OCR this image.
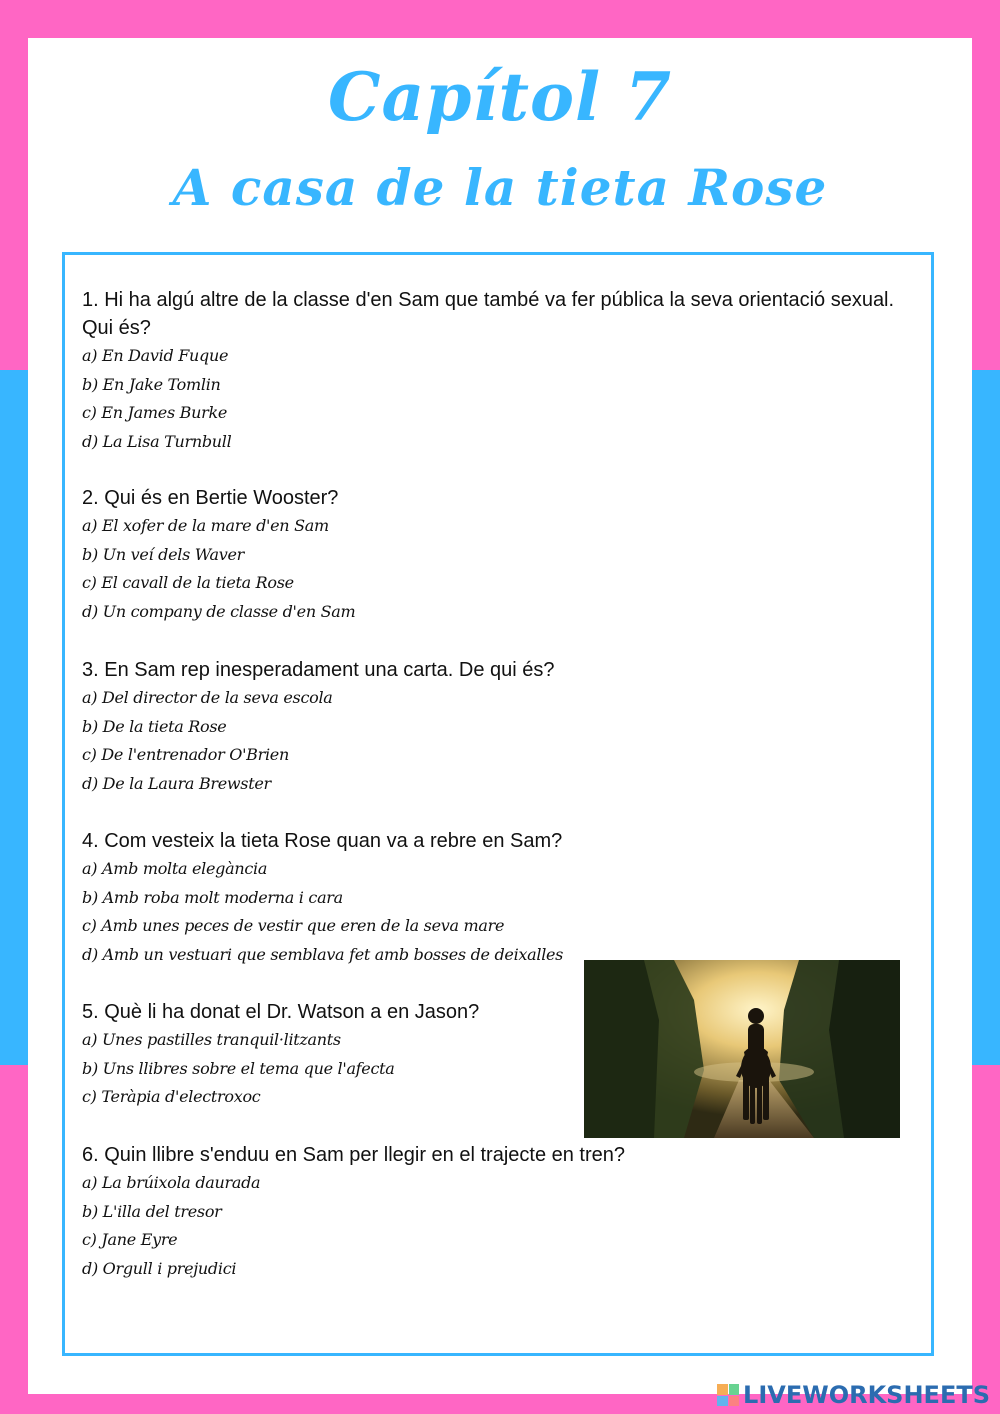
Capítol 7
A casa de la tieta Rose

1. Hi ha algú altre de la classe d'en Sam que també va fer pública la seva orientació sexual. Qui és?

a) En David Fuque
b) En Jake Tomlin
c) En James Burke
d) La Lisa Turnbull

2. Qui és en Bertie Wooster?

a) El xofer de la mare d'en Sam
b) Un veí dels Waver
c) El cavall de la tieta Rose
d) Un company de classe d'en Sam

3. En Sam rep inesperadament una carta. De qui és?

a) Del director de la seva escola
b) De la tieta Rose
c) De l'entrenador O'Brien
d) De la Laura Brewster

4. Com vesteix la tieta Rose quan va a rebre en Sam?

a) Amb molta elegància
b) Amb roba molt moderna i cara
c) Amb unes peces de vestir que eren de la seva mare
d) Amb un vestuari que semblava fet amb bosses de deixalles

5. Què li ha donat el Dr. Watson a en Jason?

a) Unes pastilles tranquil·litzants
b) Uns llibres sobre el tema que l'afecta
c) Teràpia d'electroxoc

6. Quin llibre s'enduu en Sam per llegir en el trajecte en tren?

a) La brúixola daurada
b) L'illa del tresor
c) Jane Eyre
d) Orgull i prejudici
LIVEWORKSHEETS
